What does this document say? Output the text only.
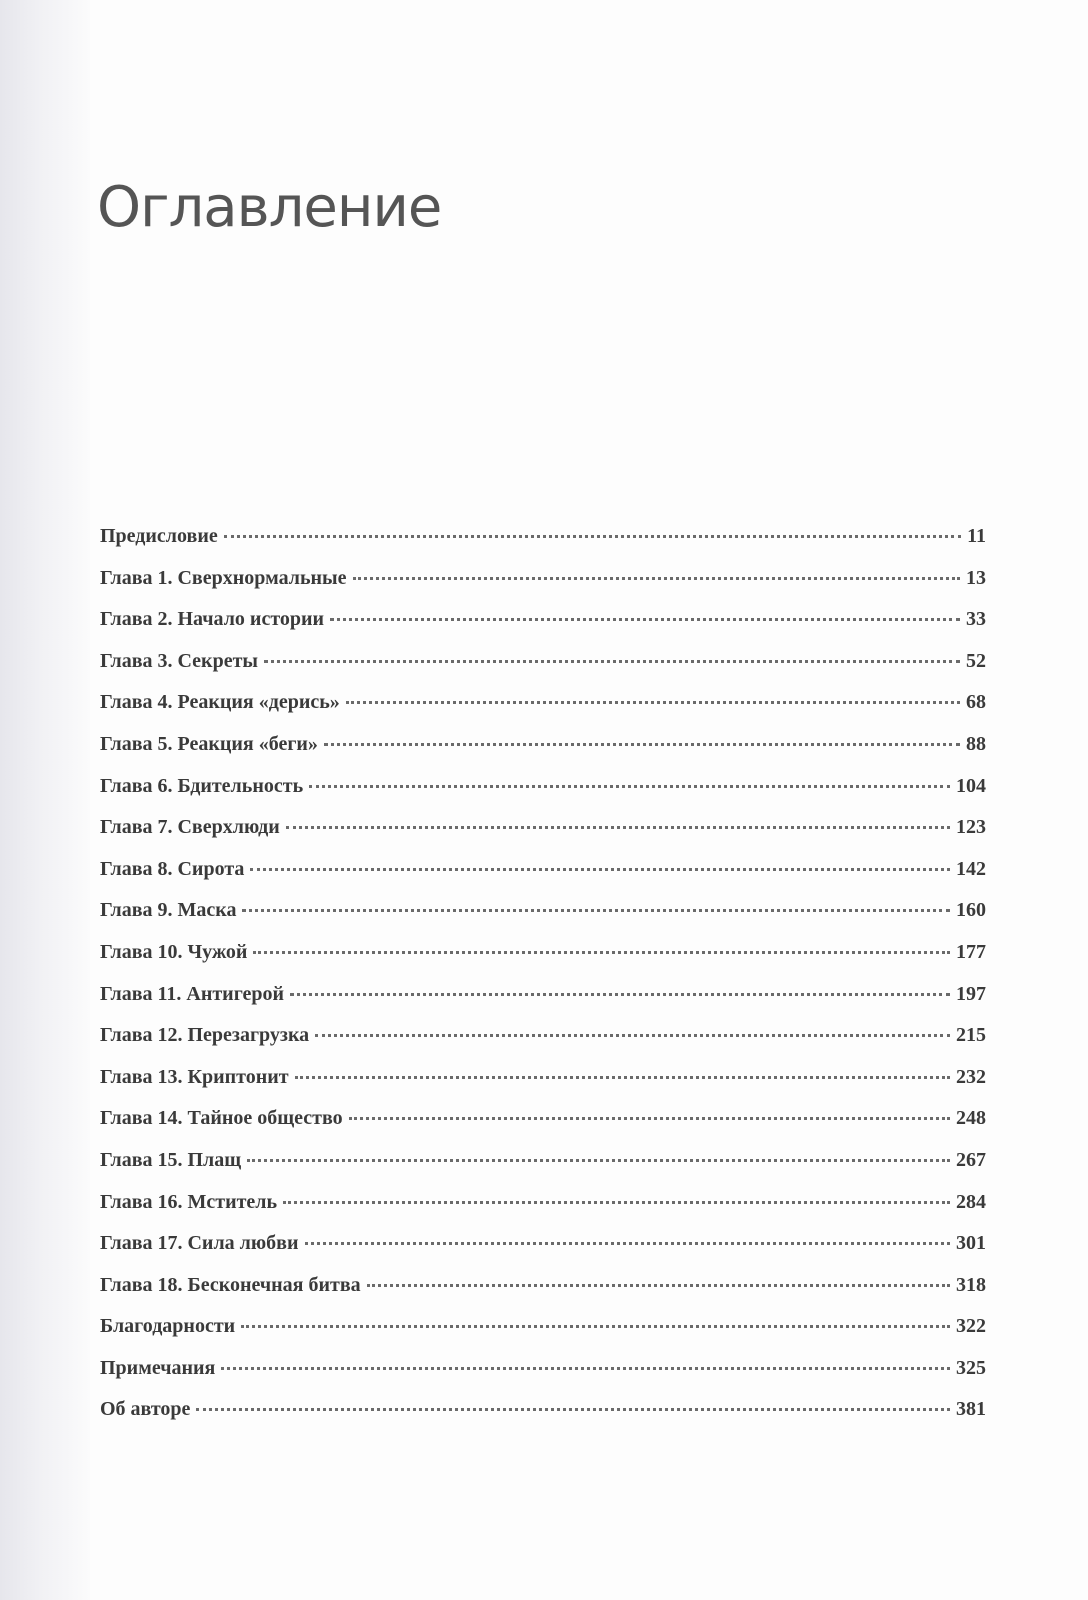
Оглавление
Предисловие	11
Глава 1. Сверхнормальные	13
Глава 2. Начало истории	33
Глава 3. Секреты	52
Глава 4. Реакция «дерись»	68
Глава 5. Реакция «беги»	88
Глава 6. Бдительность	104
Глава 7. Сверхлюди	123
Глава 8. Сирота	142
Глава 9. Маска	160
Глава 10. Чужой	177
Глава 11. Антигерой	197
Глава 12. Перезагрузка	215
Глава 13. Криптонит	232
Глава 14. Тайное общество	248
Глава 15. Плащ	267
Глава 16. Мститель	284
Глава 17. Сила любви	301
Глава 18. Бесконечная битва	318
Благодарности	322
Примечания	325
Об авторе	381
